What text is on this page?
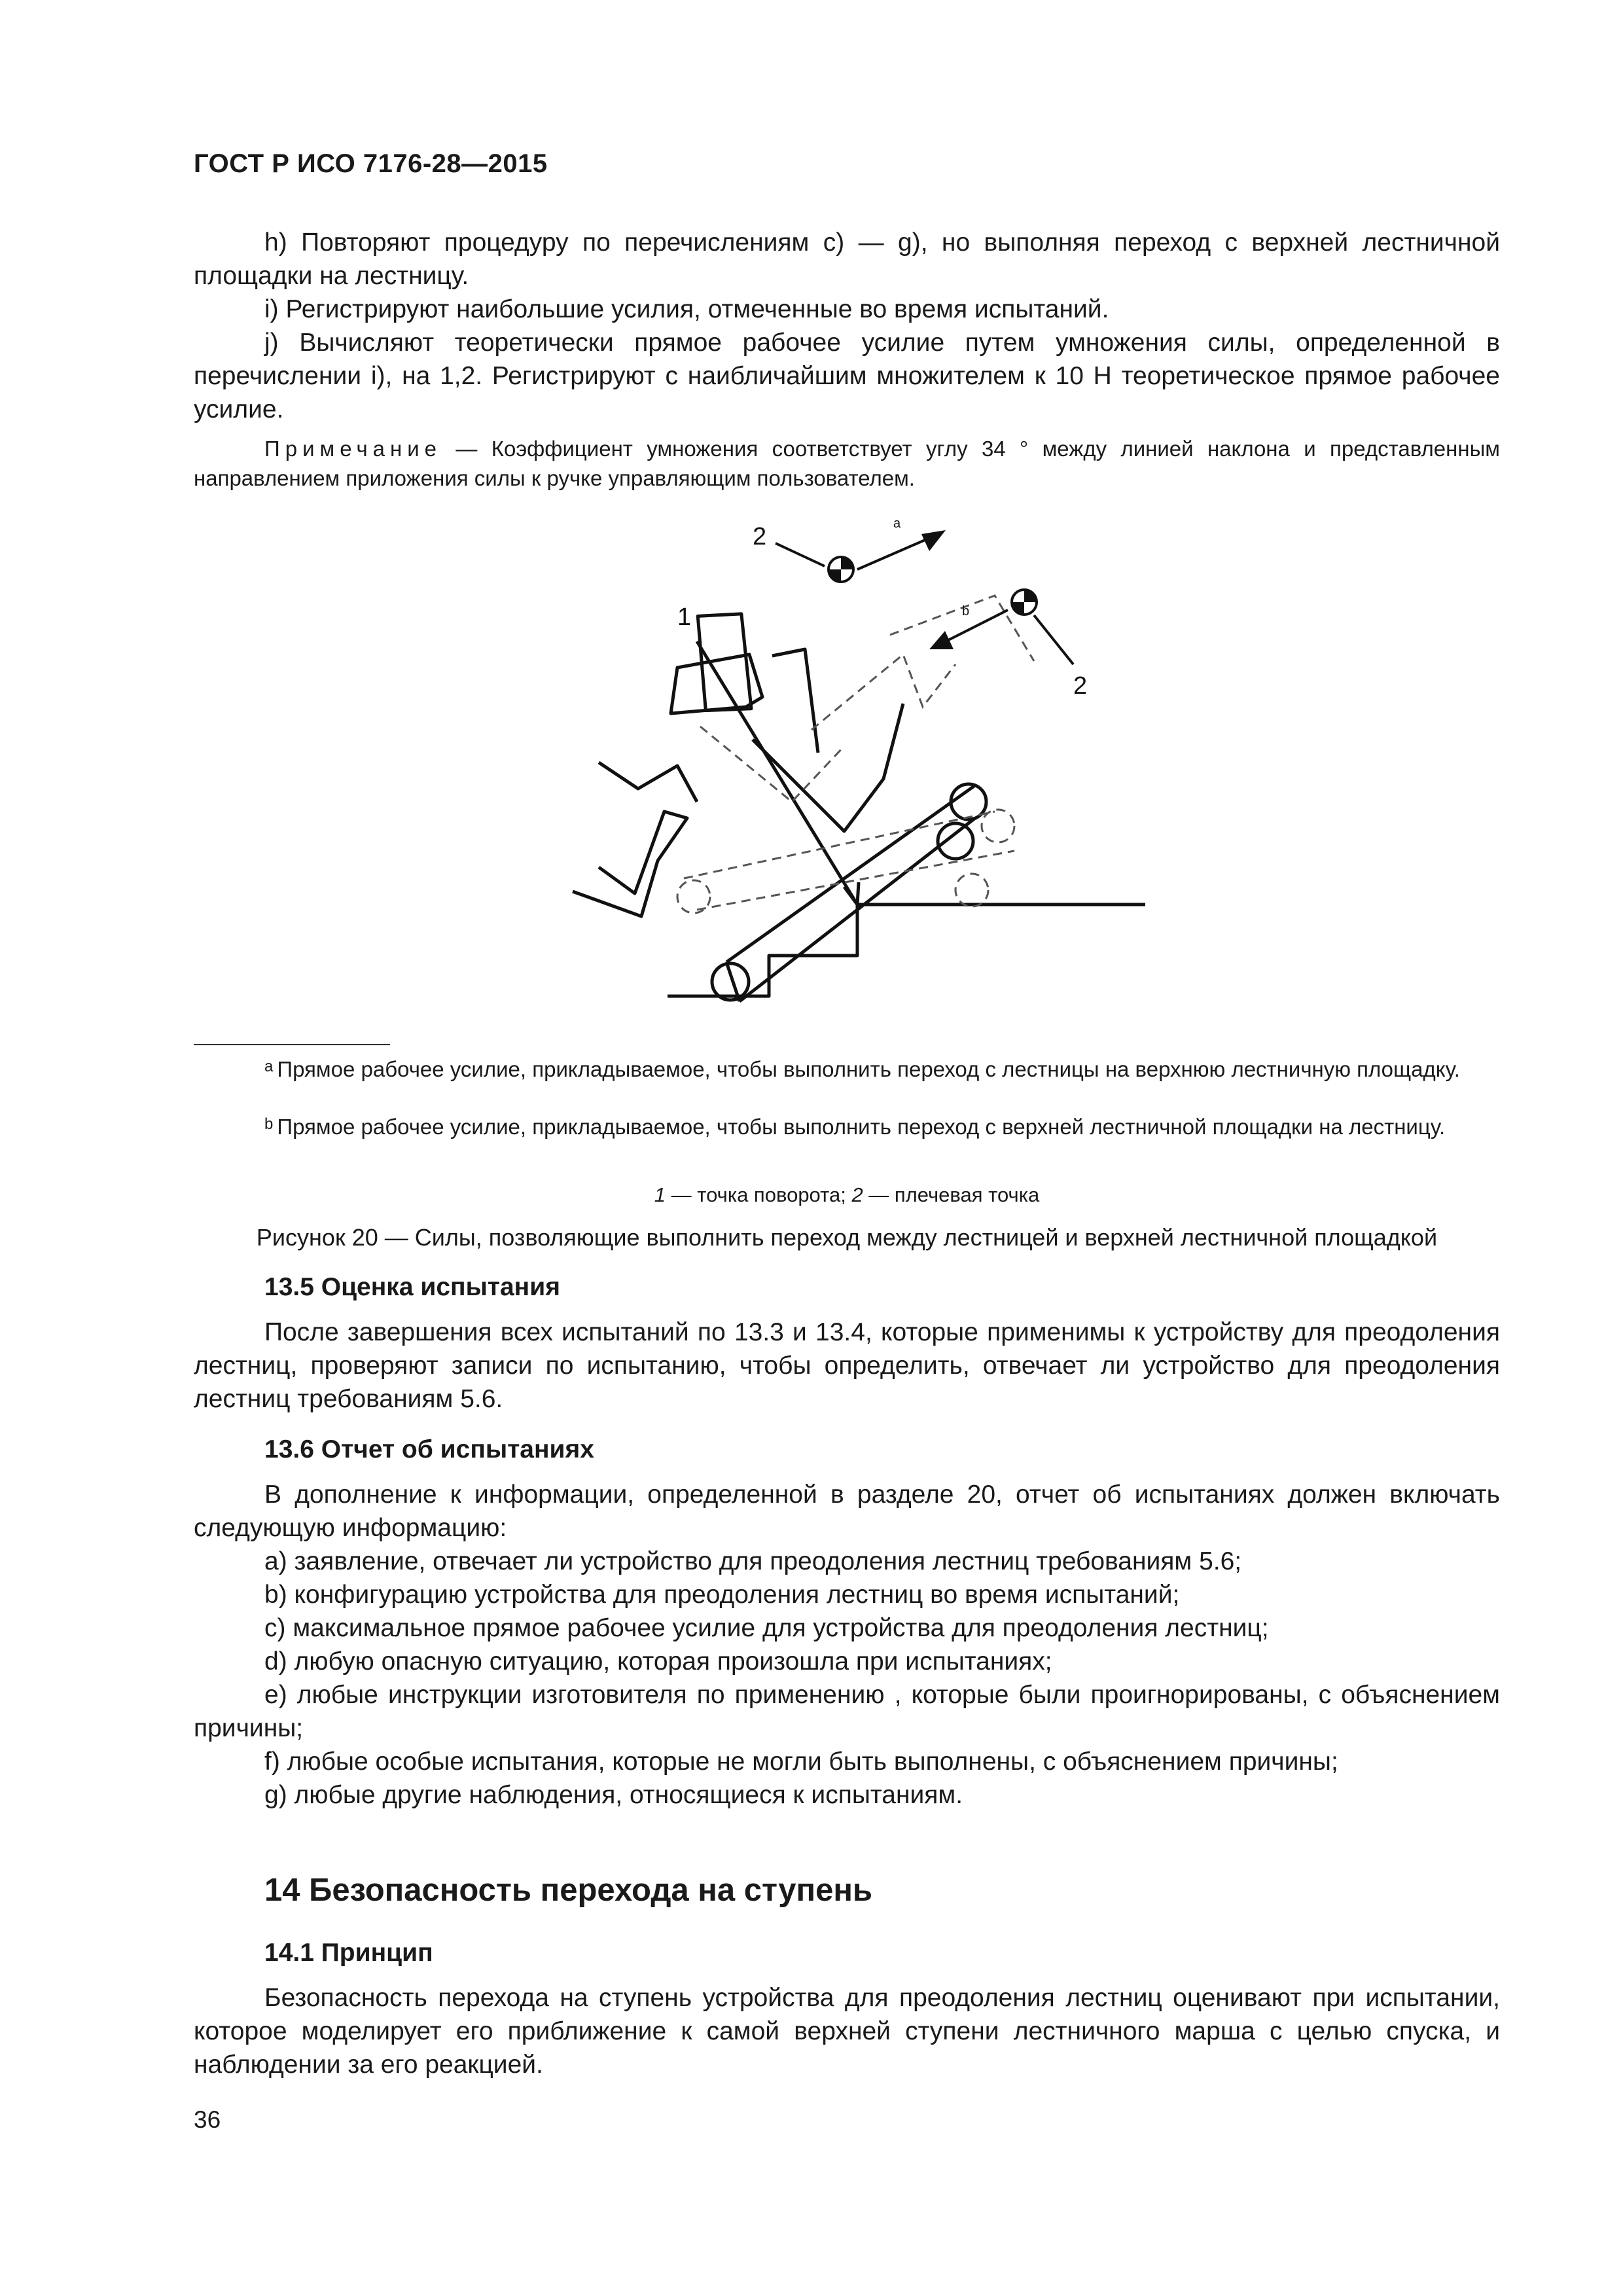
ГОСТ Р ИСО 7176-28—2015

h) Повторяют процедуру по перечислениям c) — g), но выполняя переход с верхней лестничной площадки на лестницу.

i) Регистрируют наибольшие усилия, отмеченные во время испытаний.

j) Вычисляют теоретически прямое рабочее усилие путем умножения силы, определенной в перечислении i), на 1,2. Регистрируют с наибличайшим множителем к 10 Н теоретическое прямое рабочее усилие.

Примечание — Коэффициент умножения соответствует углу 34 ° между линией наклона и представленным направлением приложения силы к ручке управляющим пользователем.
2
2
1
a
b
$^a$ Прямое рабочее усилие, прикладываемое, чтобы выполнить переход с лестницы на верхнюю лестничную площадку.
$^b$ Прямое рабочее усилие, прикладываемое, чтобы выполнить переход с верхней лестничной площадки на лестницу.
1 — точка поворота; 2 — плечевая точка
Рисунок 20 — Силы, позволяющие выполнить переход между лестницей и верхней лестничной площадкой
13.5 Оценка испытания

После завершения всех испытаний по 13.3 и 13.4, которые применимы к устройству для преодоления лестниц, проверяют записи по испытанию, чтобы определить, отвечает ли устройство для преодоления лестниц требованиям 5.6.

13.6 Отчет об испытаниях

В дополнение к информации, определенной в разделе 20, отчет об испытаниях должен включать следующую информацию:

a) заявление, отвечает ли устройство для преодоления лестниц требованиям 5.6;

b) конфигурацию устройства для преодоления лестниц во время испытаний;

c) максимальное прямое рабочее усилие для устройства для преодоления лестниц;

d) любую опасную ситуацию, которая произошла при испытаниях;

e) любые инструкции изготовителя по применению , которые были проигнорированы, с объяснением причины;

f) любые особые испытания, которые не могли быть выполнены, с объяснением причины;

g) любые другие наблюдения, относящиеся к испытаниям.

14 Безопасность перехода на ступень
14.1 Принцип

Безопасность перехода на ступень устройства для преодоления лестниц оценивают при испытании, которое моделирует его приближение к самой верхней ступени лестничного марша с целью спуска, и наблюдении за его реакцией.

36
